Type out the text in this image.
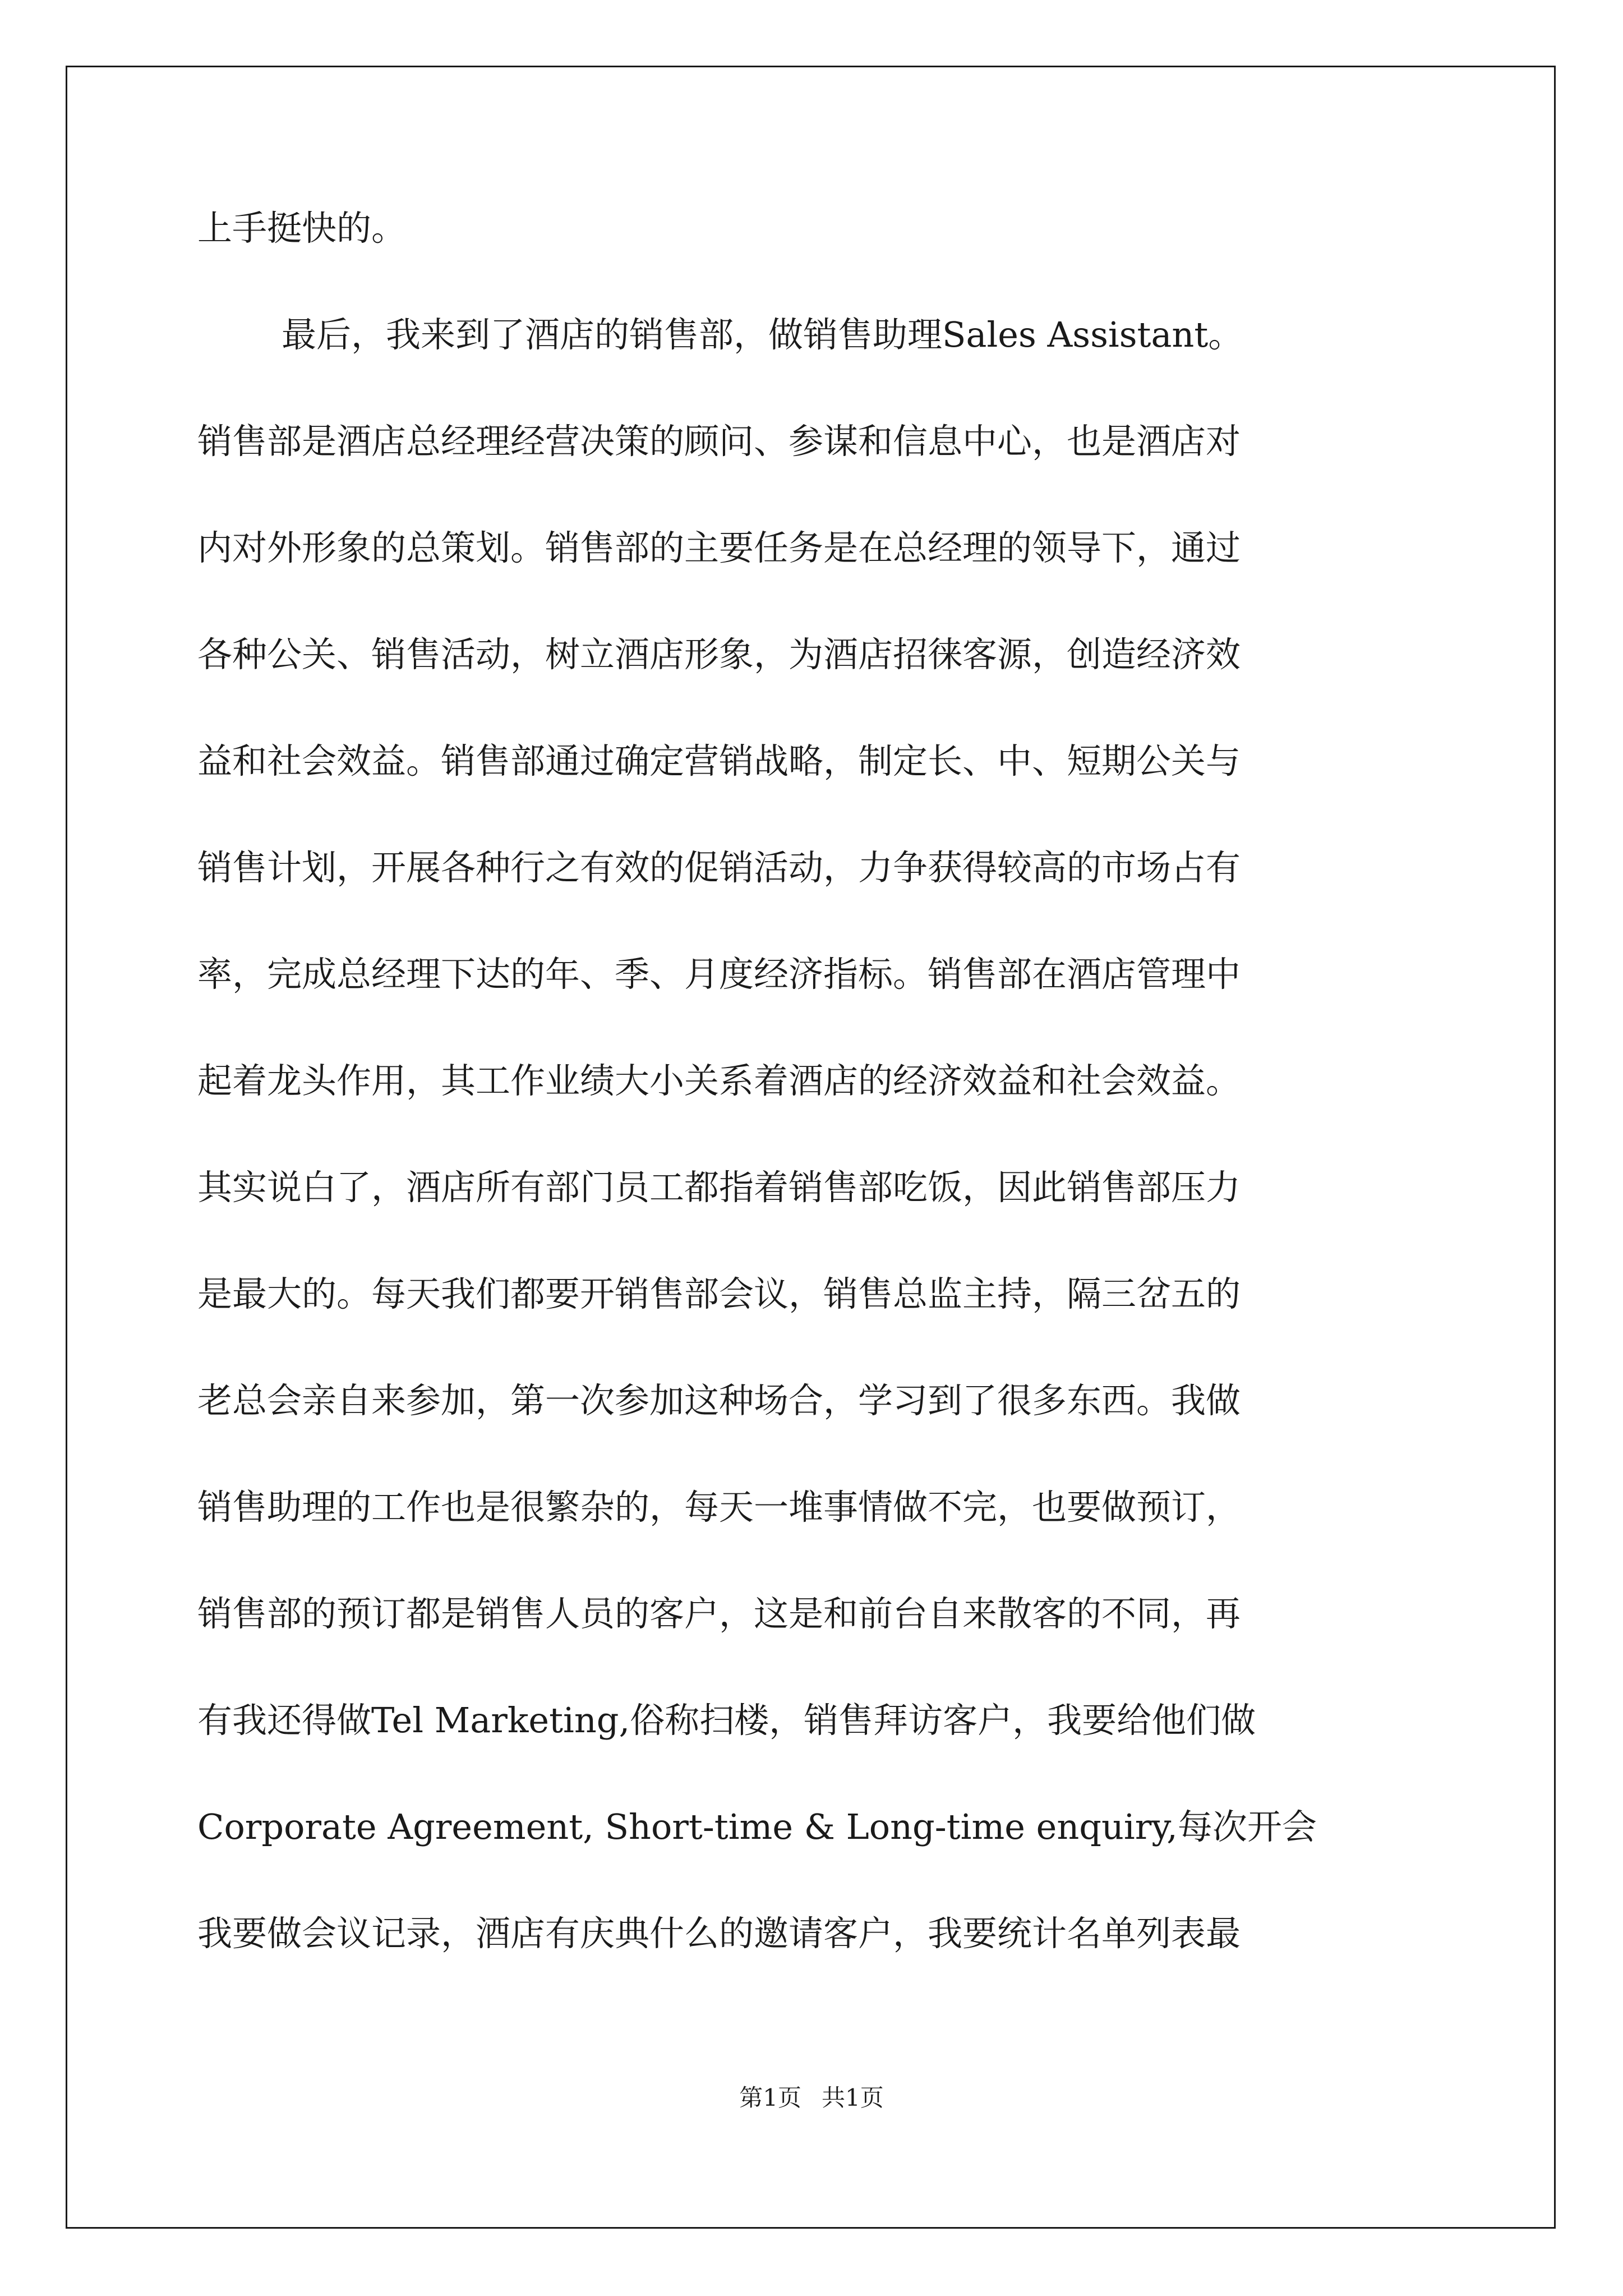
上手挺快的。
最后，我来到了酒店的销售部，做销售助理Sales Assistant。
销售部是酒店总经理经营决策的顾问、参谋和信息中心，也是酒店对
内对外形象的总策划。销售部的主要任务是在总经理的领导下，通过
各种公关、销售活动，树立酒店形象，为酒店招徕客源，创造经济效
益和社会效益。销售部通过确定营销战略，制定长、中、短期公关与
销售计划，开展各种行之有效的促销活动，力争获得较高的市场占有
率，完成总经理下达的年、季、月度经济指标。销售部在酒店管理中
起着龙头作用，其工作业绩大小关系着酒店的经济效益和社会效益。
其实说白了，酒店所有部门员工都指着销售部吃饭，因此销售部压力
是最大的。每天我们都要开销售部会议，销售总监主持，隔三岔五的
老总会亲自来参加，第一次参加这种场合，学习到了很多东西。我做
销售助理的工作也是很繁杂的，每天一堆事情做不完，也要做预订，
销售部的预订都是销售人员的客户，这是和前台自来散客的不同，再
有我还得做Tel Marketing,俗称扫楼，销售拜访客户，我要给他们做
Corporate Agreement, Short-time & Long-time enquiry,每次开会
我要做会议记录，酒店有庆典什么的邀请客户，我要统计名单列表最
第1页 共1页
